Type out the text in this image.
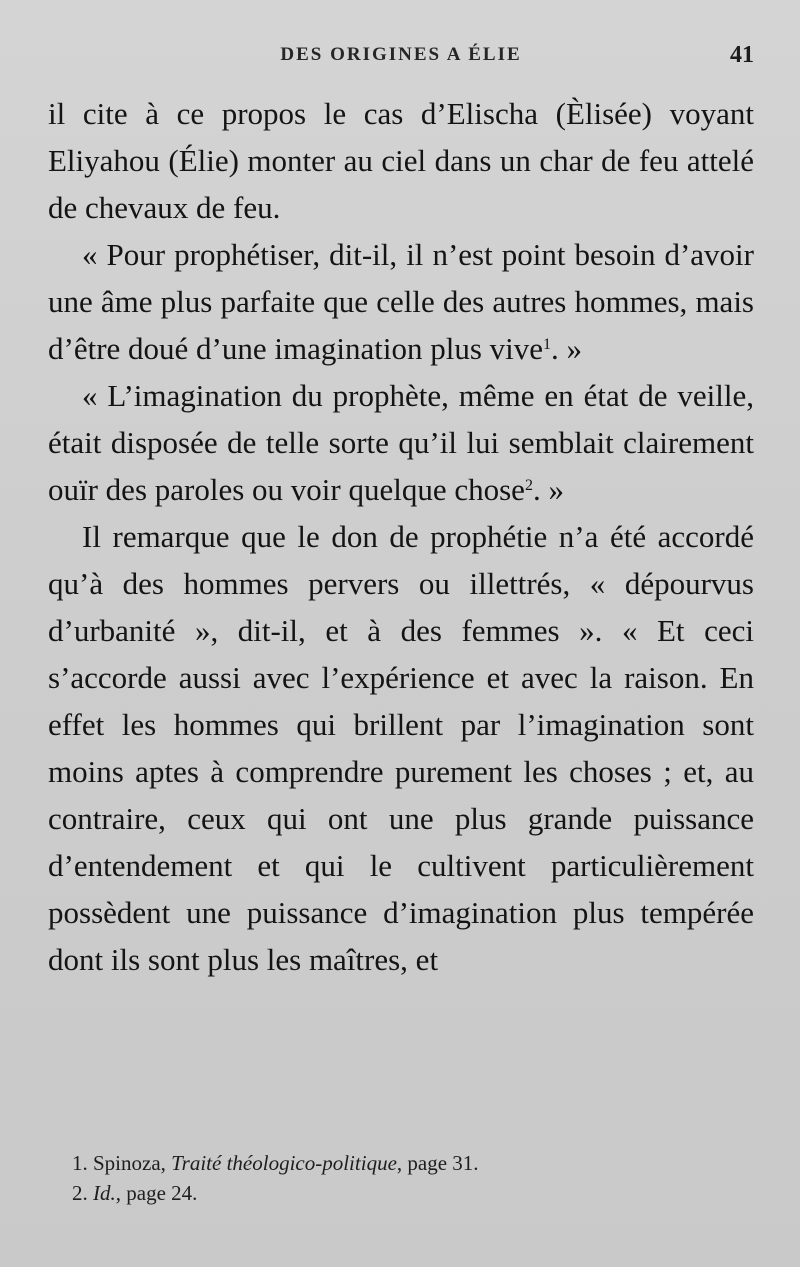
DES ORIGINES A ÉLIE	41

il cite à ce propos le cas d’Elischa (Èlisée) voyant Eliyahou (Élie) monter au ciel dans un char de feu attelé de chevaux de feu.

« Pour prophétiser, dit-il, il n’est point besoin d’avoir une âme plus parfaite que celle des autres hommes, mais d’être doué d’une imagination plus vive$^1$. »

« L’imagination du prophète, même en état de veille, était disposée de telle sorte qu’il lui semblait clairement ouïr des paroles ou voir quelque chose$^2$. »

Il remarque que le don de prophétie n’a été accordé qu’à des hommes pervers ou illettrés, « dépourvus d’urbanité », dit-il, et à des femmes ». « Et ceci s’accorde aussi avec l’expérience et avec la raison. En effet les hommes qui brillent par l’imagination sont moins aptes à comprendre purement les choses ; et, au contraire, ceux qui ont une plus grande puissance d’entendement et qui le cultivent particulièrement possèdent une puissance d’imagination plus tempérée dont ils sont plus les maîtres, et

1. Spinoza, Traité théologico-politique, page 31.

2. Id., page 24.
